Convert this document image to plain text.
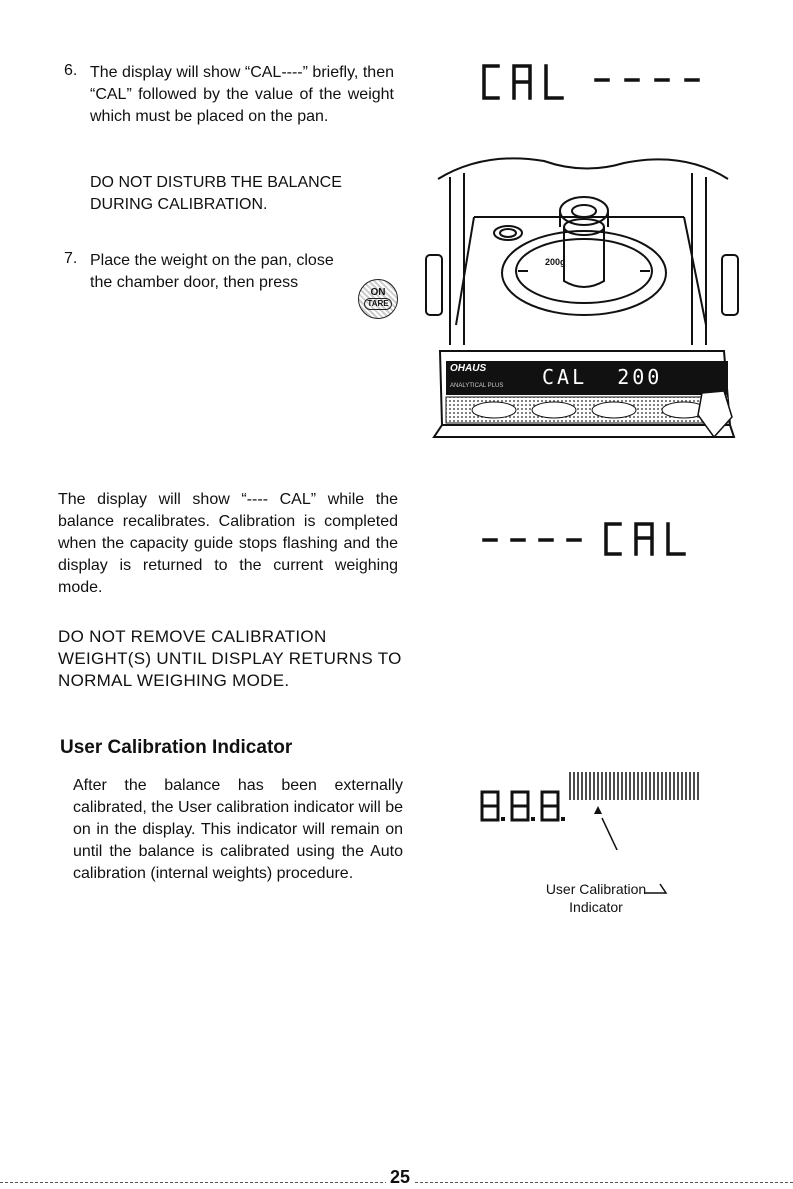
6. The display will show “CAL----” briefly, then “CAL” followed by the value of the weight which must be placed on the pan.

DO NOT DISTURB THE BALANCE DURING CALIBRATION.

7. Place the weight on the pan, close the chamber door, then press

ON
TARE
200g
OHAUS	CAL  200
ANALYTICAL PLUS

The display will show “---- CAL” while the balance recalibrates. Calibration is completed when the capacity guide stops flashing and the display is returned to the current weighing mode.

DO NOT REMOVE CALIBRATION WEIGHT(S) UNTIL DISPLAY RETURNS TO NORMAL WEIGHING MODE.

User Calibration Indicator

After the balance has been externally calibrated, the User calibration indicator will be on in the display. This indicator will remain on until the balance is calibrated using the Auto calibration (internal weights) procedure.

User Calibration
Indicator
25
